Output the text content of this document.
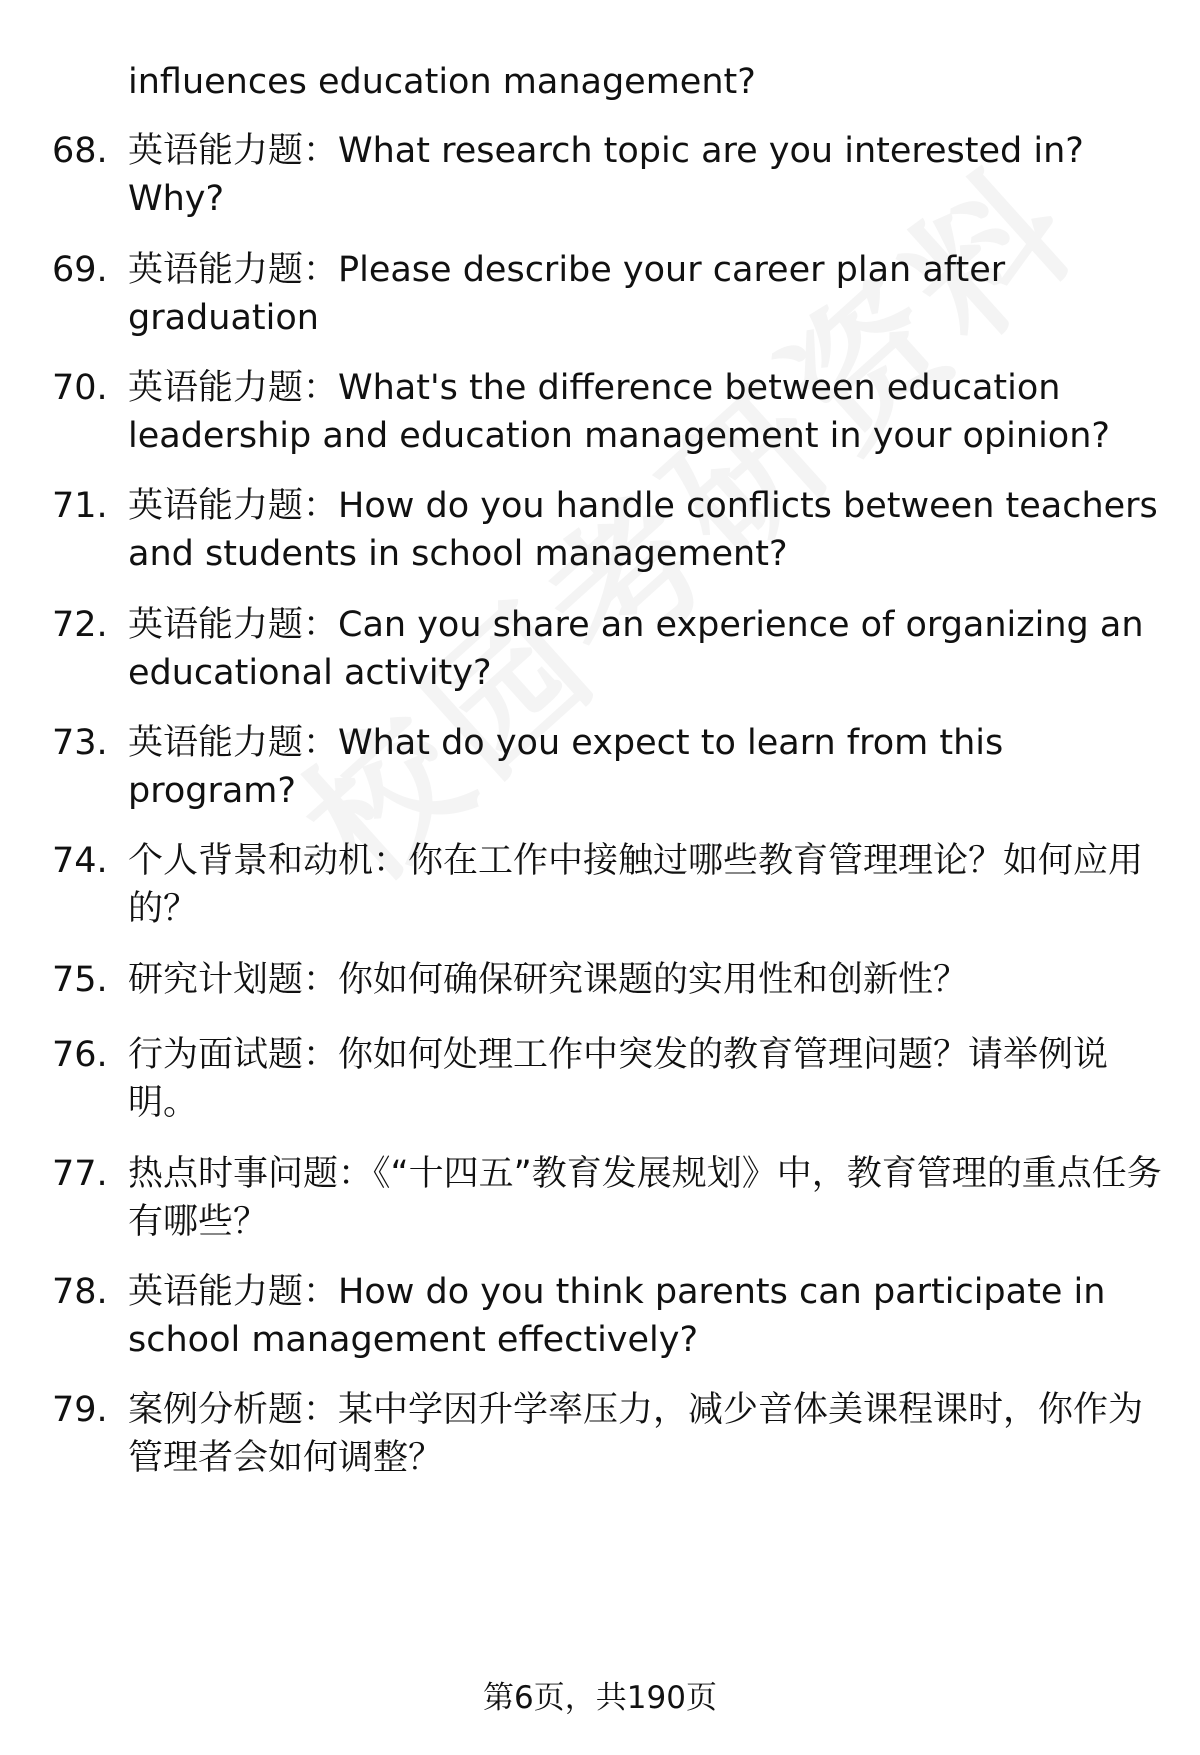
influences education management?
68. 英语能力题：What research topic are you interested in? Why?
69. 英语能力题：Please describe your career plan after graduation
70. 英语能力题：What's the difference between education leadership and education management in your opinion?
71. 英语能力题：How do you handle conflicts between teachers and students in school management?
72. 英语能力题：Can you share an experience of organizing an educational activity?
73. 英语能力题：What do you expect to learn from this program?
74. 个人背景和动机：你在工作中接触过哪些教育管理理论？如何应用的？
75. 研究计划题：你如何确保研究课题的实用性和创新性？
76. 行为面试题：你如何处理工作中突发的教育管理问题？请举例说明。
77. 热点时事问题：《“十四五”教育发展规划》中，教育管理的重点任务有哪些？
78. 英语能力题：How do you think parents can participate in school management effectively?
79. 案例分析题：某中学因升学率压力，减少音体美课程课时，你作为管理者会如何调整？
第6页，共190页
